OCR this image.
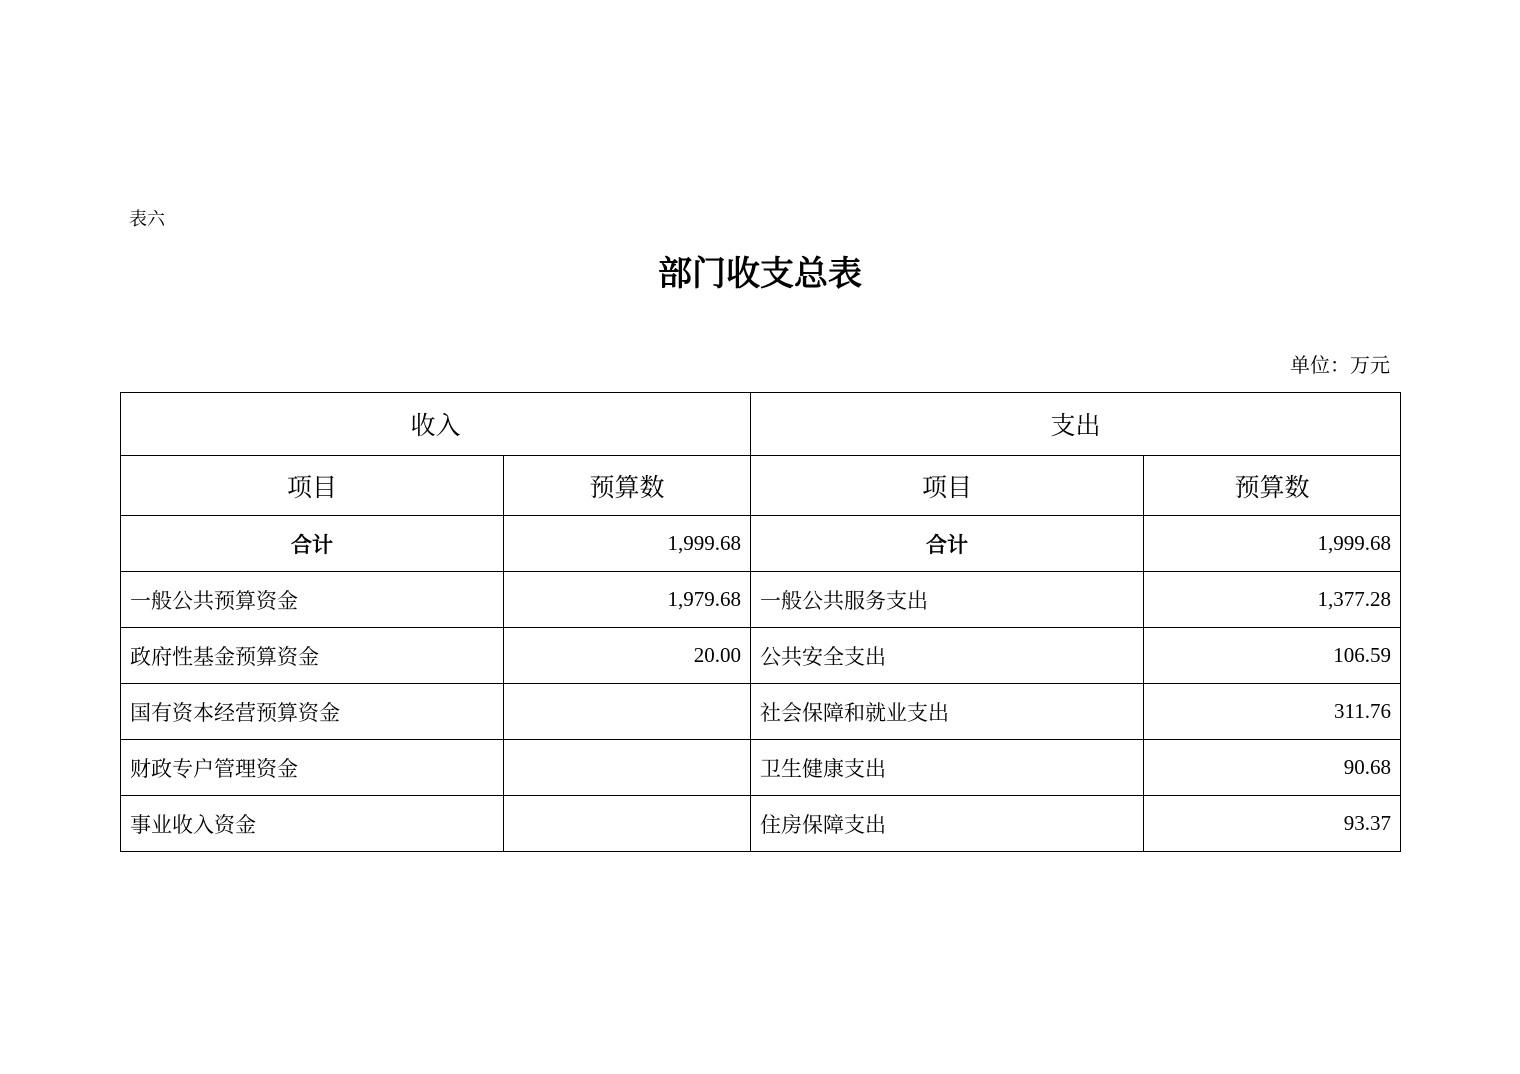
表六
部门收支总表
单位：万元
收入		支出	
项目	预算数	项目	预算数
合计	1,999.68	合计	1,999.68
一般公共预算资金	1,979.68	一般公共服务支出	1,377.28
政府性基金预算资金	20.00	公共安全支出	106.59
国有资本经营预算资金		社会保障和就业支出	311.76
财政专户管理资金		卫生健康支出	90.68
事业收入资金		住房保障支出	93.37
